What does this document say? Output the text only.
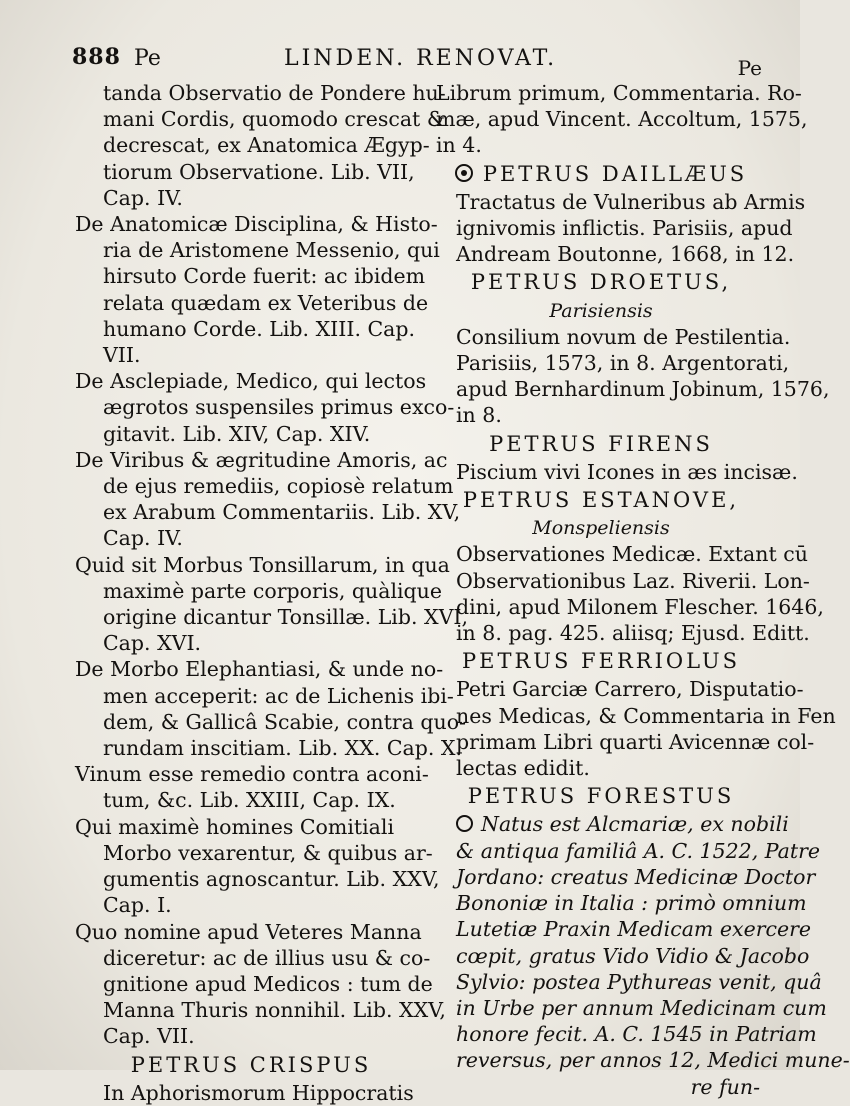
888 Pe	LINDEN. RENOVAT.	Pe
tanda Observatio de Pondere hu-
mani Cordis, quomodo crescat &
decrescat, ex Anatomica Ægyp-
tiorum Observatione. Lib. VII,
Cap. IV.
De Anatomicæ Disciplina, & Histo-
ria de Aristomene Messenio, qui
hirsuto Corde fuerit: ac ibidem
relata quædam ex Veteribus de
humano Corde. Lib. XIII. Cap.
VII.
De Asclepiade, Medico, qui lectos
ægrotos suspensiles primus exco-
gitavit. Lib. XIV, Cap. XIV.
De Viribus & ægritudine Amoris, ac
de ejus remediis, copiosè relatum
ex Arabum Commentariis. Lib. XV,
Cap. IV.
Quid sit Morbus Tonsillarum, in qua
maximè parte corporis, quàlique
origine dicantur Tonsillæ. Lib. XVI,
Cap. XVI.
De Morbo Elephantiasi, & unde no-
men acceperit: ac de Lichenis ibi-
dem, & Gallicâ Scabie, contra quo-
rundam inscitiam. Lib. XX. Cap. X.
Vinum esse remedio contra aconi-
tum, &c. Lib. XXIII, Cap. IX.
Qui maximè homines Comitiali
Morbo vexarentur, & quibus ar-
gumentis agnoscantur. Lib. XXV,
Cap. I.
Quo nomine apud Veteres Manna
diceretur: ac de illius usu & co-
gnitione apud Medicos : tum de
Manna Thuris nonnihil. Lib. XXV,
Cap. VII.
PETRUS CRISPUS
In Aphorismorum Hippocratis
Librum primum, Commentaria. Ro-
mæ, apud Vincent. Accoltum, 1575,
in 4.
PETRUS DAILLÆUS
Tractatus de Vulneribus ab Armis
ignivomis inflictis. Parisiis, apud
Andream Boutonne, 1668, in 12.
PETRUS DROETUS,
Parisiensis
Consilium novum de Pestilentia.
Parisiis, 1573, in 8. Argentorati,
apud Bernhardinum Jobinum, 1576,
in 8.
PETRUS FIRENS
Piscium vivi Icones in æs incisæ.
PETRUS ESTANOVE,
Monspeliensis
Observationes Medicæ. Extant cū
Observationibus Laz. Riverii. Lon-
dini, apud Milonem Flescher. 1646,
in 8. pag. 425. aliisq; Ejusd. Editt.
PETRUS FERRIOLUS
Petri Garciæ Carrero, Disputatio-
nes Medicas, & Commentaria in Fen
primam Libri quarti Avicennæ col-
lectas edidit.
PETRUS FORESTUS
Natus est Alcmariæ, ex nobili
& antiqua familiâ A. C. 1522, Patre
Jordano: creatus Medicinæ Doctor
Bononiæ in Italia : primò omnium
Lutetiæ Praxin Medicam exercere
cœpit, gratus Vido Vidio & Jacobo
Sylvio: postea Pythureas venit, quâ
in Urbe per annum Medicinam cum
honore fecit. A. C. 1545 in Patriam
reversus, per annos 12, Medici mune-
re fun-
